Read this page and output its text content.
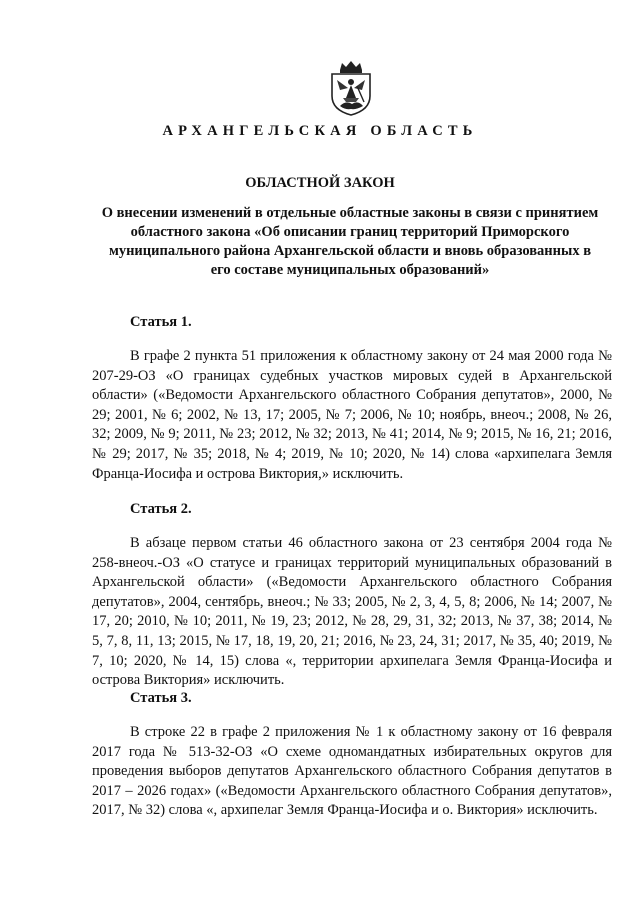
АРХАНГЕЛЬСКАЯ ОБЛАСТЬ
ОБЛАСТНОЙ ЗАКОН
О внесении изменений в отдельные областные законы в связи с принятием областного закона «Об описании границ территорий Приморского муниципального района Архангельской области и вновь образованных в его составе муниципальных образований»
Статья 1.

В графе 2 пункта 51 приложения к областному закону от 24 мая 2000 года № 207-29-ОЗ «О границах судебных участков мировых судей в Архангельской области» («Ведомости Архангельского областного Собрания депутатов», 2000, № 29; 2001, № 6; 2002, № 13, 17; 2005, № 7; 2006, № 10; ноябрь, внеоч.; 2008, № 26, 32; 2009, № 9; 2011, № 23; 2012, № 32; 2013, № 41; 2014, № 9; 2015, № 16, 21; 2016, № 29; 2017, № 35; 2018, № 4; 2019, № 10; 2020, № 14) слова «архипелага Земля Франца-Иосифа и острова Виктория,» исключить.

Статья 2.

В абзаце первом статьи 46 областного закона от 23 сентября 2004 года № 258-внеоч.-ОЗ «О статусе и границах территорий муниципальных образований в Архангельской области» («Ведомости Архангельского областного Собрания депутатов», 2004, сентябрь, внеоч.; № 33; 2005, № 2, 3, 4, 5, 8; 2006, № 14; 2007, № 17, 20; 2010, № 10; 2011, № 19, 23; 2012, № 28, 29, 31, 32; 2013, № 37, 38; 2014, № 5, 7, 8, 11, 13; 2015, № 17, 18, 19, 20, 21; 2016, № 23, 24, 31; 2017, № 35, 40; 2019, № 7, 10; 2020, № 14, 15) слова «, территории архипелага Земля Франца-Иосифа и острова Виктория» исключить.

Статья 3.

В строке 22 в графе 2 приложения № 1 к областному закону от 16 февраля 2017 года № 513-32-ОЗ «О схеме одномандатных избирательных округов для проведения выборов депутатов Архангельского областного Собрания депутатов в 2017 – 2026 годах» («Ведомости Архангельского областного Собрания депутатов», 2017, № 32) слова «, архипелаг Земля Франца-Иосифа и о. Виктория» исключить.
